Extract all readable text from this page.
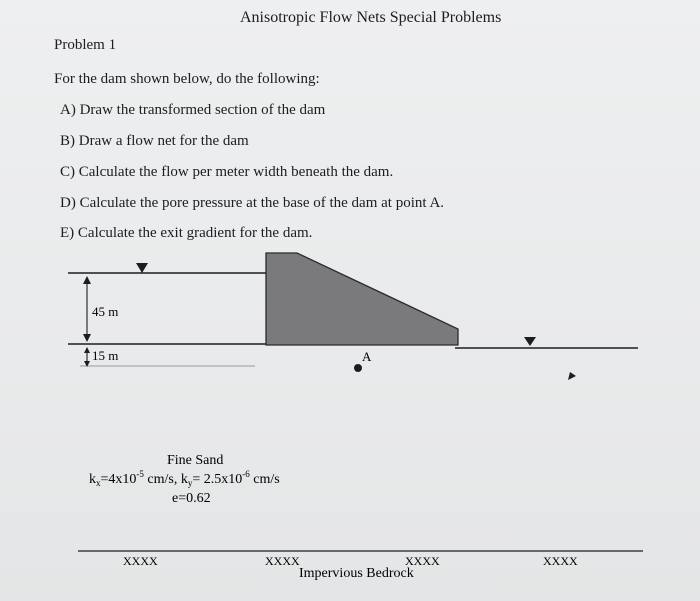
Anisotropic Flow Nets Special Problems
Problem 1
For the dam shown below, do the following:
A) Draw the transformed section of the dam
B) Draw a flow net for the dam
C) Calculate the flow per meter width beneath the dam.
D) Calculate the pore pressure at the base of the dam at point A.
E) Calculate the exit gradient for the dam.
45 m
15 m	A
Fine Sand
$k_x=4x10^{-5}$ cm/s, $k_y= 2.5x10^{-6}$ cm/s
e=0.62
XXXX	XXXX	XXXX	XXXX
Impervious Bedrock
